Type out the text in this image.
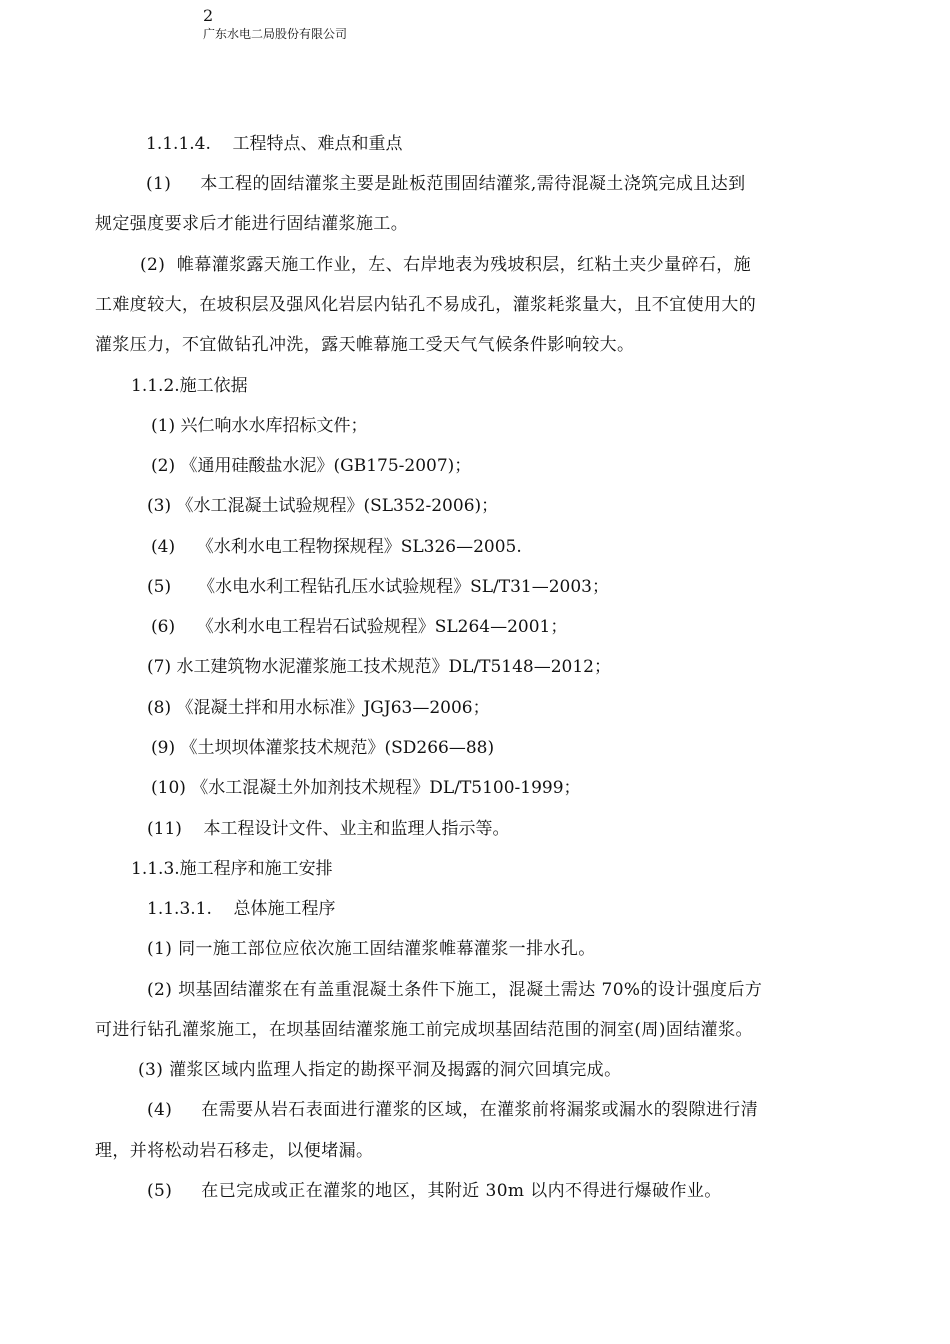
2
广东水电二局股份有限公司
1.1.1.4.    工程特点、难点和重点
(1)     本工程的固结灌浆主要是趾板范围固结灌浆,需待混凝土浇筑完成且达到
规定强度要求后才能进行固结灌浆施工。
(2)  帷幕灌浆露天施工作业，左、右岸地表为残坡积层，红粘土夹少量碎石，施
工难度较大，在坡积层及强风化岩层内钻孔不易成孔，灌浆耗浆量大，且不宜使用大的
灌浆压力，不宜做钻孔冲洗，露天帷幕施工受天气气候条件影响较大。
1.1.2.施工依据
(1) 兴仁响水水库招标文件；
(2) 《通用硅酸盐水泥》(GB175-2007)；
(3) 《水工混凝土试验规程》(SL352-2006)；
(4)    《水利水电工程物探规程》SL326—2005.
(5)     《水电水利工程钻孔压水试验规程》SL/T31—2003；
(6)    《水利水电工程岩石试验规程》SL264—2001；
(7) 水工建筑物水泥灌浆施工技术规范》DL/T5148—2012；
(8) 《混凝土拌和用水标准》JGJ63—2006；
(9) 《土坝坝体灌浆技术规范》(SD266—88)
(10) 《水工混凝土外加剂技术规程》DL/T5100-1999；
(11)    本工程设计文件、业主和监理人指示等。
1.1.3.施工程序和施工安排
1.1.3.1.    总体施工程序
(1) 同一施工部位应依次施工固结灌浆帷幕灌浆一排水孔。
(2) 坝基固结灌浆在有盖重混凝土条件下施工，混凝土需达 70%的设计强度后方
可进行钻孔灌浆施工，在坝基固结灌浆施工前完成坝基固结范围的洞室(周)固结灌浆。
(3) 灌浆区域内监理人指定的勘探平洞及揭露的洞穴回填完成。
(4)     在需要从岩石表面进行灌浆的区域，在灌浆前将漏浆或漏水的裂隙进行清
理，并将松动岩石移走，以便堵漏。
(5)     在已完成或正在灌浆的地区，其附近 30m 以内不得进行爆破作业。
